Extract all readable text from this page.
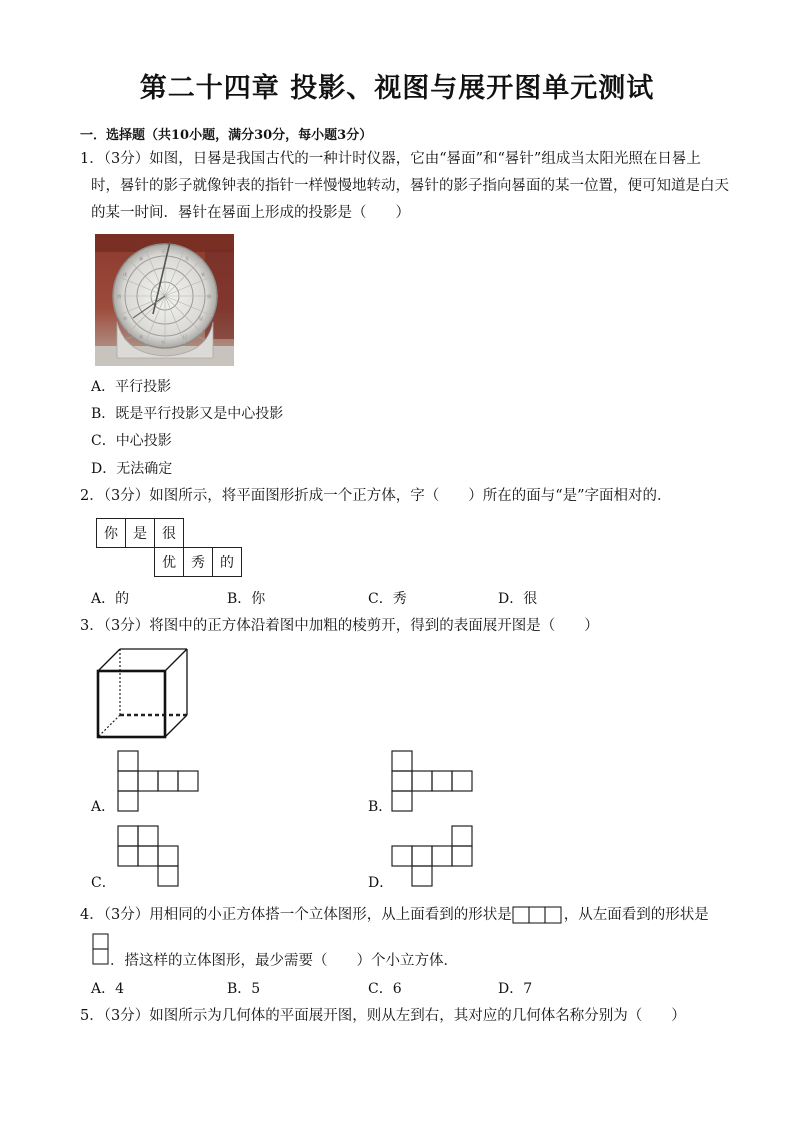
第二十四章 投影、视图与展开图单元测试
一．选择题（共10小题，满分30分，每小题3分）
1．（3分）如图，日晷是我国古代的一种计时仪器，它由“晷面”和“晷针”组成当太阳光照在日晷上
时，晷针的影子就像钟表的指针一样慢慢地转动，晷针的影子指向晷面的某一位置，便可知道是白天
的某一时间．晷针在晷面上形成的投影是（　　）
子
丑
寅
卯
辰
巳
午
未
申
酉
戌
亥
A．平行投影
B．既是平行投影又是中心投影
C．中心投影
D．无法确定
2．（3分）如图所示，将平面图形折成一个正方体，字（　　）所在的面与“是”字面相对的．
你	是	很		
		优	秀	的
A．的	B．你	C．秀	D．很
3．（3分）将图中的正方体沿着图中加粗的棱剪开，得到的表面展开图是（　　）
A．	B．
C．	D．
4．（3分）用相同的小正方体搭一个立体图形，从上面看到的形状是	，从左面看到的形状是
．搭这样的立体图形，最少需要（　　）个小立方体．
A．4	B．5	C．6	D．7
5．（3分）如图所示为几何体的平面展开图，则从左到右，其对应的几何体名称分别为（　　）
